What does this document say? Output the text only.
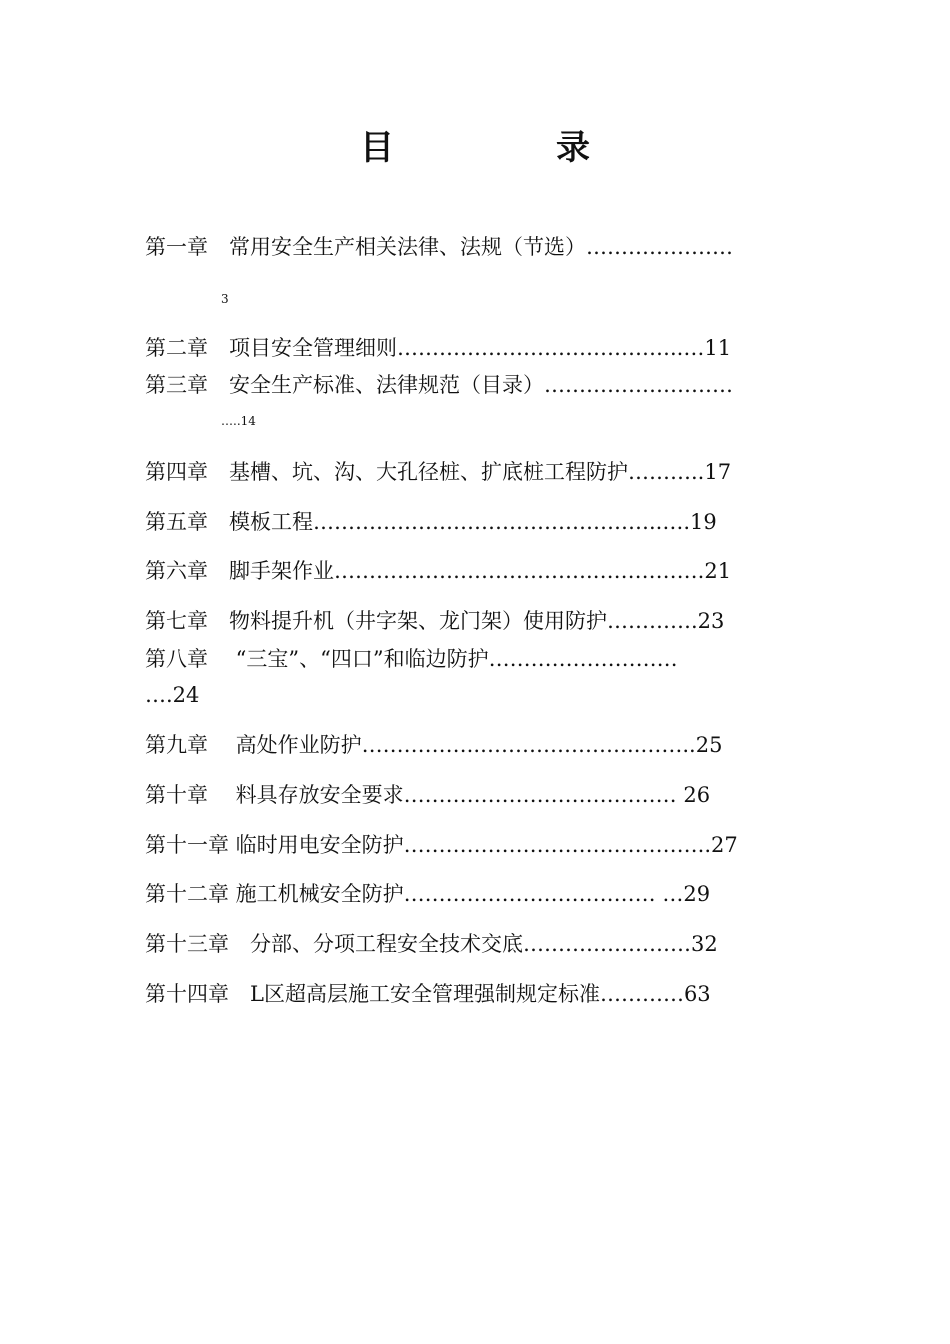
目　录
第一章　常用安全生产相关法律、法规（节选）…………………
3
第二章　项目安全管理细则…………………………………..…11
第三章　安全生产标准、法律规范（目录）………………………
…..14
第四章　基槽、坑、沟、大孔径桩、扩底桩工程防护………..17
第五章　模板工程…………………………………………..….19
第六章　脚手架作业……………………………….…………….21
第七章　物料提升机（井字架、龙门架）使用防护………….23
第八章　 “三宝”、“四口”和临边防护………………………
….24
第九章　 高处作业防护……………..…………………..……..25
第十章　 料具存放安全要求………………………………… 26
第十一章 临时用电安全防护……………………………………..27
第十二章 施工机械安全防护……………………………… …29
第十三章　分部、分项工程安全技术交底……………………32
第十四章　L区超高层施工安全管理强制规定标准…………63
